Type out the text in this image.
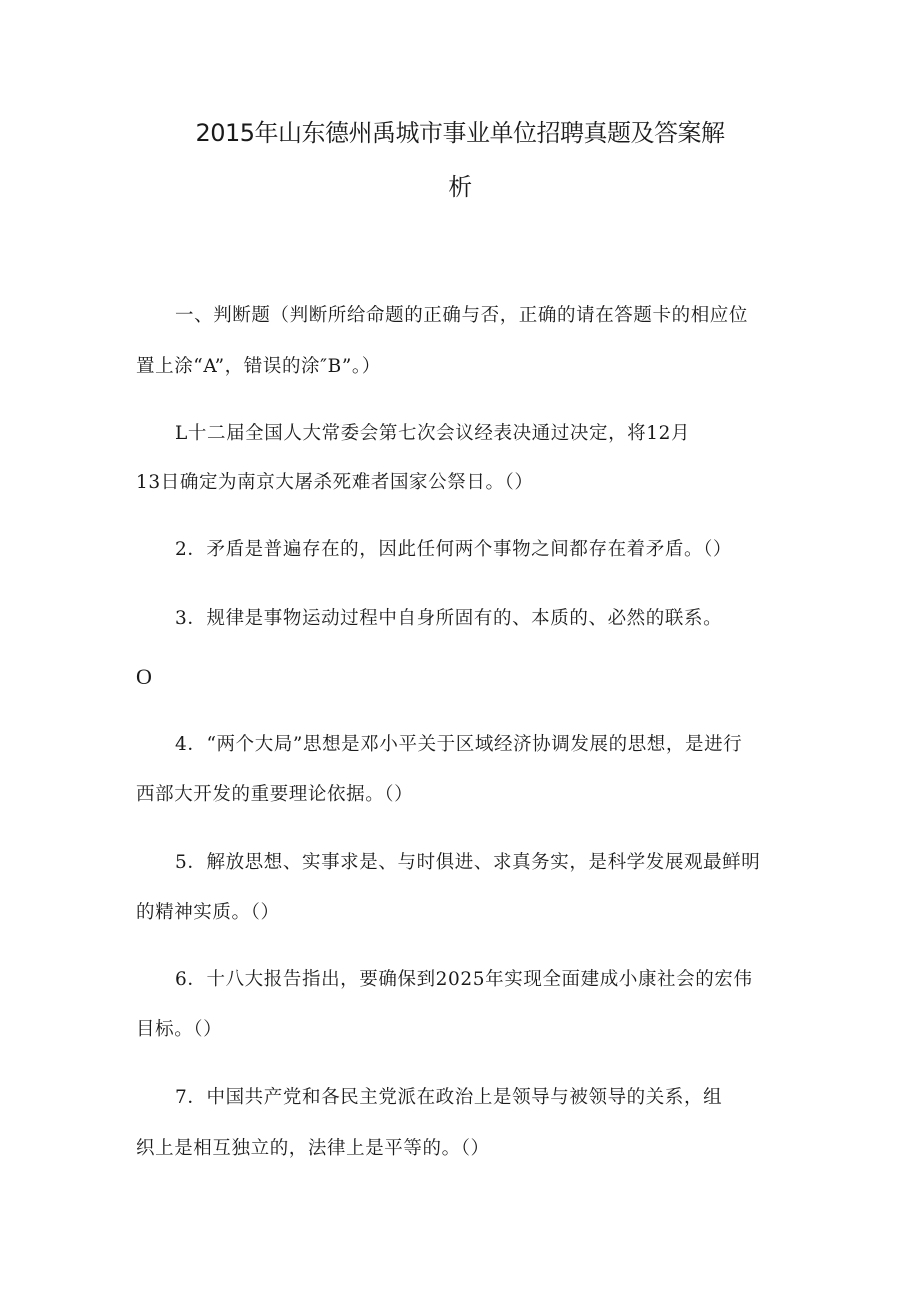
2015年山东德州禹城市事业单位招聘真题及答案解
析
一、判断题（判断所给命题的正确与否，正确的请在答题卡的相应位
置上涂“A”，错误的涂″B”。）
L十二届全国人大常委会第七次会议经表决通过决定，将12月
13日确定为南京大屠杀死难者国家公祭日。（）
2．矛盾是普遍存在的，因此任何两个事物之间都存在着矛盾。（）
3．规律是事物运动过程中自身所固有的、本质的、必然的联系。
O
4．“两个大局”思想是邓小平关于区域经济协调发展的思想，是进行
西部大开发的重要理论依据。（）
5．解放思想、实事求是、与时俱进、求真务实，是科学发展观最鲜明
的精神实质。（）
6．十八大报告指出，要确保到2025年实现全面建成小康社会的宏伟
目标。（）
7．中国共产党和各民主党派在政治上是领导与被领导的关系，组
织上是相互独立的，法律上是平等的。（）
